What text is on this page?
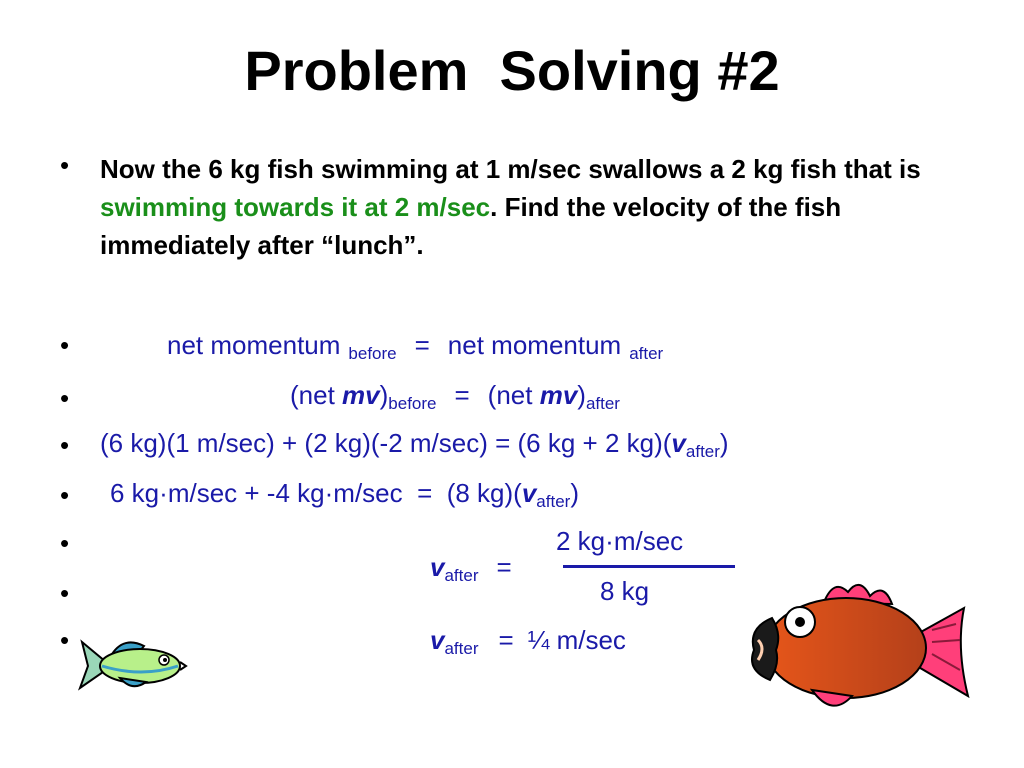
Problem  Solving #2
• Now the 6 kg fish swimming at 1 m/sec swallows a 2 kg fish that is swimming towards it at 2 m/sec. Find the velocity of the fish immediately after “lunch”.
•
•
•
•
•
•
•
net momentum $_{before}$ = net momentum $_{after}$
(net $mv)_{before} = (net$ $mv)_{after}$
(6 kg)(1 m/sec) + (2 kg)(-2 m/sec) = (6 kg + 2 $kg)(v_{after})$
6 kg·m/sec + -4 kg·m/sec  =  (8 $kg)(v_{after})$
2 kg·m/sec
$v_{after}$ =
8 kg
$v_{after}$ = ¼ m/sec
